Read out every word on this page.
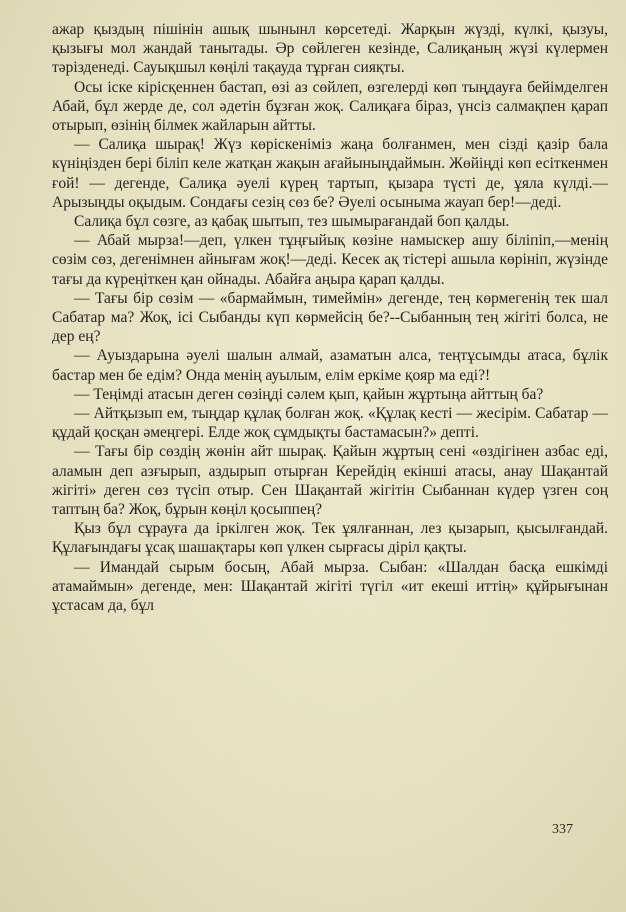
ажар қыздың пішінін ашық шынынл көрсетеді. Жарқын жүзді, күлкі, қызуы, қызығы мол жандай танытады. Әр сөйлеген кезінде, Салиқаның жүзі күлермен тәрізденеді. Сауықшыл көңілі тақауда тұрған сияқты.

Осы іске кірiсқеннен бастап, өзі аз сөйлеп, өзгелерді көп тыңдауға бейімделген Абай, бұл жерде де, сол әдетін бұзған жоқ. Салиқаға біраз, үнсіз салмақпен қарап отырып, өзінің білмек жайларын айтты.

— Салиқа шырақ! Жүз көріскеніміз жаңа болғанмен, мен сізді қазір бала күніңізден бері біліп келе жатқан жақын ағайыныңдаймын. Жөйіңді көп есіткенмен ғой! — дегенде, Салиқа әуелі күрең тартып, қызара түсті де, ұяла күлді.—Арызыңды оқыдым. Сондағы сезің сөз бе? Әуелі осыныма жауап бер!—деді.

Салиқа бұл сөзге, аз қабақ шытып, тез шымырағандай боп қалды.

— Абай мырза!—деп, үлкен тұңғыйық көзіне намыскер ашу біліпіп,—менің сөзім сөз, дегенімнен айнығам жоқ!—деді. Кесек ақ тістері ашыла көрініп, жүзінде тағы да күреңіткен қан ойнады. Абайға аңыра қарап қалды.

— Тағы бір сөзім — «бармаймын, тимеймін» дегенде, тең көрмегенің тек шал Сабатар ма? Жоқ, ісі Сыбанды күп көрмейсің бе?--Сыбанның тең жігіті болса, не дер ең?

— Ауыздарына әуелі шалын алмай, азаматын алса, теңтұсымды атаса, бұлік бастар мен бе едім? Онда менің ауылым, елім еркіме қояр ма еді?!

— Теңімді атасын деген сөзіңді сәлем қып, қайын жұртыңа айттың ба?

— Айтқызып ем, тыңдар құлақ болған жоқ. «Құлақ кесті — жесірім. Сабатар — құдай қосқан әмеңгері. Елде жоқ сұмдықты бастамасын?» депті.

— Тағы бір сөздің жөнін айт шырақ. Қайын жұртың сені «өздігінен азбас еді, аламын деп азғырып, аздырып отырған Керейдің екінші атасы, анау Шақантай жігіті» деген сөз түсіп отыр. Сен Шақантай жігітін Сыбаннан күдер үзген соң таптың ба? Жоқ, бұрын көңіл қосыппең?

Қыз бұл сұрауға да іркілген жоқ. Тек ұялғаннан, лез қызарып, қысылғандай. Құлағындағы ұсақ шашақтары көп үлкен сырғасы діріл қақты.

— Имандай сырым босың, Абай мырза. Сыбан: «Шалдан басқа ешкімді атамаймын» дегенде, мен: Шақантай жігіті түгіл «ит екеші иттің» құйрығынан ұстасам да, бұл

337
